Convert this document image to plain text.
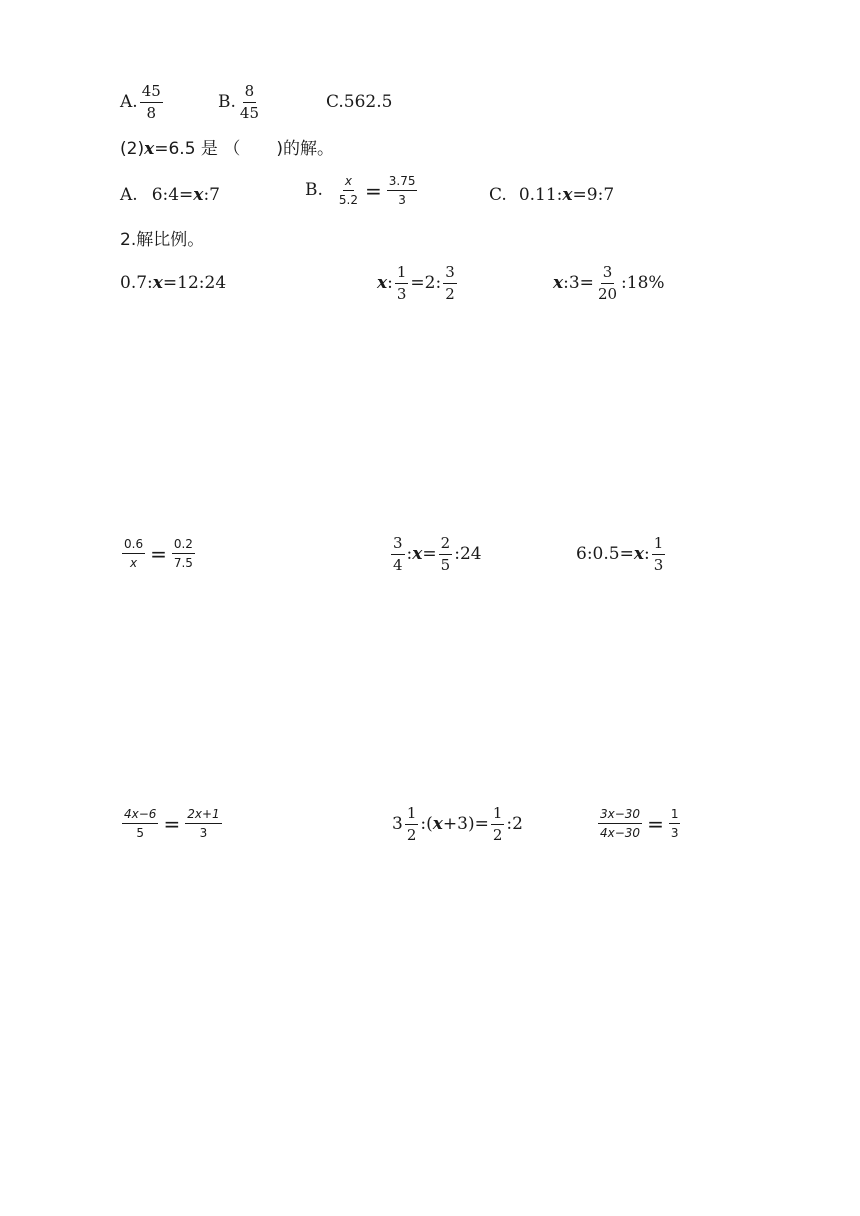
A. $\frac{45}{8}$	B. $\frac{8}{45}$	C.562.5
(2) x =6.5 是 （ )的解。
A. 6:4= x :7	B. $\frac{x}{5.2} = \frac{3.75}{3}$	C. 0.11: x =9:7
2.解比例。
0.7: x =12:24	x : $\frac{1}{3} =2$: $\frac{3}{2}$	x :3= $\frac{3}{20}$ :18%
$\frac{0.6}{x} = \frac{0.2}{7.5}$	$\frac{3}{4}$ : $x = \frac{2}{5}$ :24	6:0.5= x : $\frac{1}{3}$
$\frac{4x-6}{5} = \frac{2x+1}{3}$	$3 \frac{1}{2}$ :( $x +3)= \frac{1}{2}$ :2	$\frac{3x-30}{4x-30} = \frac{1}{3}$
